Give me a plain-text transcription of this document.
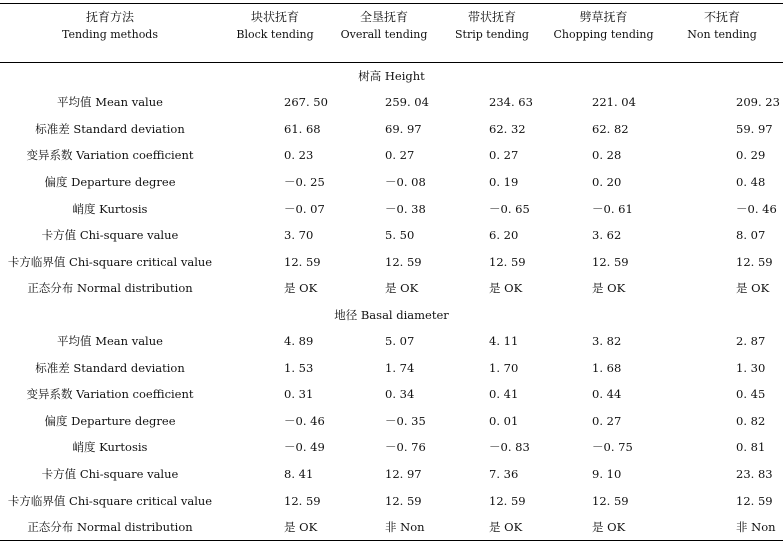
抚育方法	块状抚育	全垦抚育	带状抚育	劈草抚育	不抚育
Tending methods	Block tending	Overall tending	Strip tending	Chopping tending	Non tending
树高 Height					
平均值 Mean value	267. 50	259. 04	234. 63	221. 04	209. 23
标准差 Standard deviation	61. 68	69. 97	62. 32	62. 82	59. 97
变异系数 Variation coefficient	0. 23	0. 27	0. 27	0. 28	0. 29
偏度 Departure degree	－0. 25	－0. 08	0. 19	0. 20	0. 48
峭度 Kurtosis	－0. 07	－0. 38	－0. 65	－0. 61	－0. 46
卡方值 Chi-square value	3. 70	5. 50	6. 20	3. 62	8. 07
卡方临界值 Chi-square critical value	12. 59	12. 59	12. 59	12. 59	12. 59
正态分布 Normal distribution	是 OK	是 OK	是 OK	是 OK	是 OK
地径 Basal diameter					
平均值 Mean value	4. 89	5. 07	4. 11	3. 82	2. 87
标准差 Standard deviation	1. 53	1. 74	1. 70	1. 68	1. 30
变异系数 Variation coefficient	0. 31	0. 34	0. 41	0. 44	0. 45
偏度 Departure degree	－0. 46	－0. 35	0. 01	0. 27	0. 82
峭度 Kurtosis	－0. 49	－0. 76	－0. 83	－0. 75	0. 81
卡方值 Chi-square value	8. 41	12. 97	7. 36	9. 10	23. 83
卡方临界值 Chi-square critical value	12. 59	12. 59	12. 59	12. 59	12. 59
正态分布 Normal distribution	是 OK	非 Non	是 OK	是 OK	非 Non
